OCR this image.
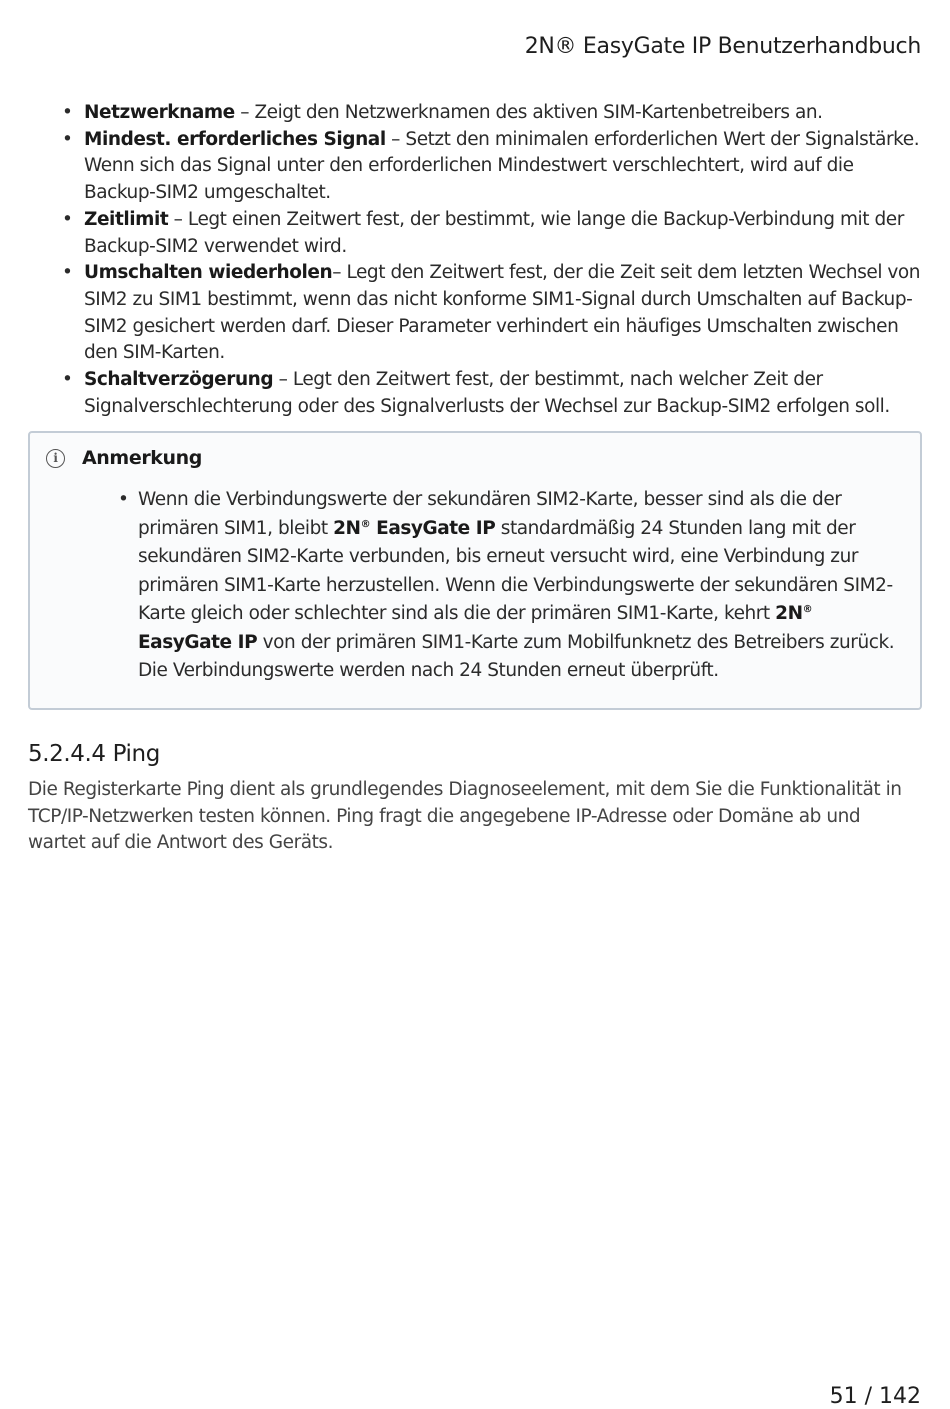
2N® EasyGate IP Benutzerhandbuch
• Netzwerkname – Zeigt den Netzwerknamen des aktiven SIM-Kartenbetreibers an.
• Mindest. erforderliches Signal – Setzt den minimalen erforderlichen Wert der Signalstärke. Wenn sich das Signal unter den erforderlichen Mindestwert verschlechtert, wird auf die Backup-SIM2 umgeschaltet.
• Zeitlimit – Legt einen Zeitwert fest, der bestimmt, wie lange die Backup-Verbindung mit der Backup-SIM2 verwendet wird.
• Umschalten wiederholen– Legt den Zeitwert fest, der die Zeit seit dem letzten Wechsel von SIM2 zu SIM1 bestimmt, wenn das nicht konforme SIM1-Signal durch Umschalten auf Backup-SIM2 gesichert werden darf. Dieser Parameter verhindert ein häufiges Umschalten zwischen den SIM-Karten.
• Schaltverzögerung – Legt den Zeitwert fest, der bestimmt, nach welcher Zeit der Signalverschlechterung oder des Signalverlusts der Wechsel zur Backup-SIM2 erfolgen soll.
i	Anmerkung
• Wenn die Verbindungswerte der sekundären SIM2-Karte, besser sind als die der primären SIM1, bleibt 2N® EasyGate IP standardmäßig 24 Stunden lang mit der sekundären SIM2-Karte verbunden, bis erneut versucht wird, eine Verbindung zur primären SIM1-Karte herzustellen. Wenn die Verbindungswerte der sekundären SIM2-Karte gleich oder schlechter sind als die der primären SIM1-Karte, kehrt 2N® EasyGate IP von der primären SIM1-Karte zum Mobilfunknetz des Betreibers zurück. Die Verbindungswerte werden nach 24 Stunden erneut überprüft.
5.2.4.4 Ping

Die Registerkarte Ping dient als grundlegendes Diagnoseelement, mit dem Sie die Funktionalität in TCP/IP-Netzwerken testen können. Ping fragt die angegebene IP-Adresse oder Domäne ab und wartet auf die Antwort des Geräts.

51 / 142
